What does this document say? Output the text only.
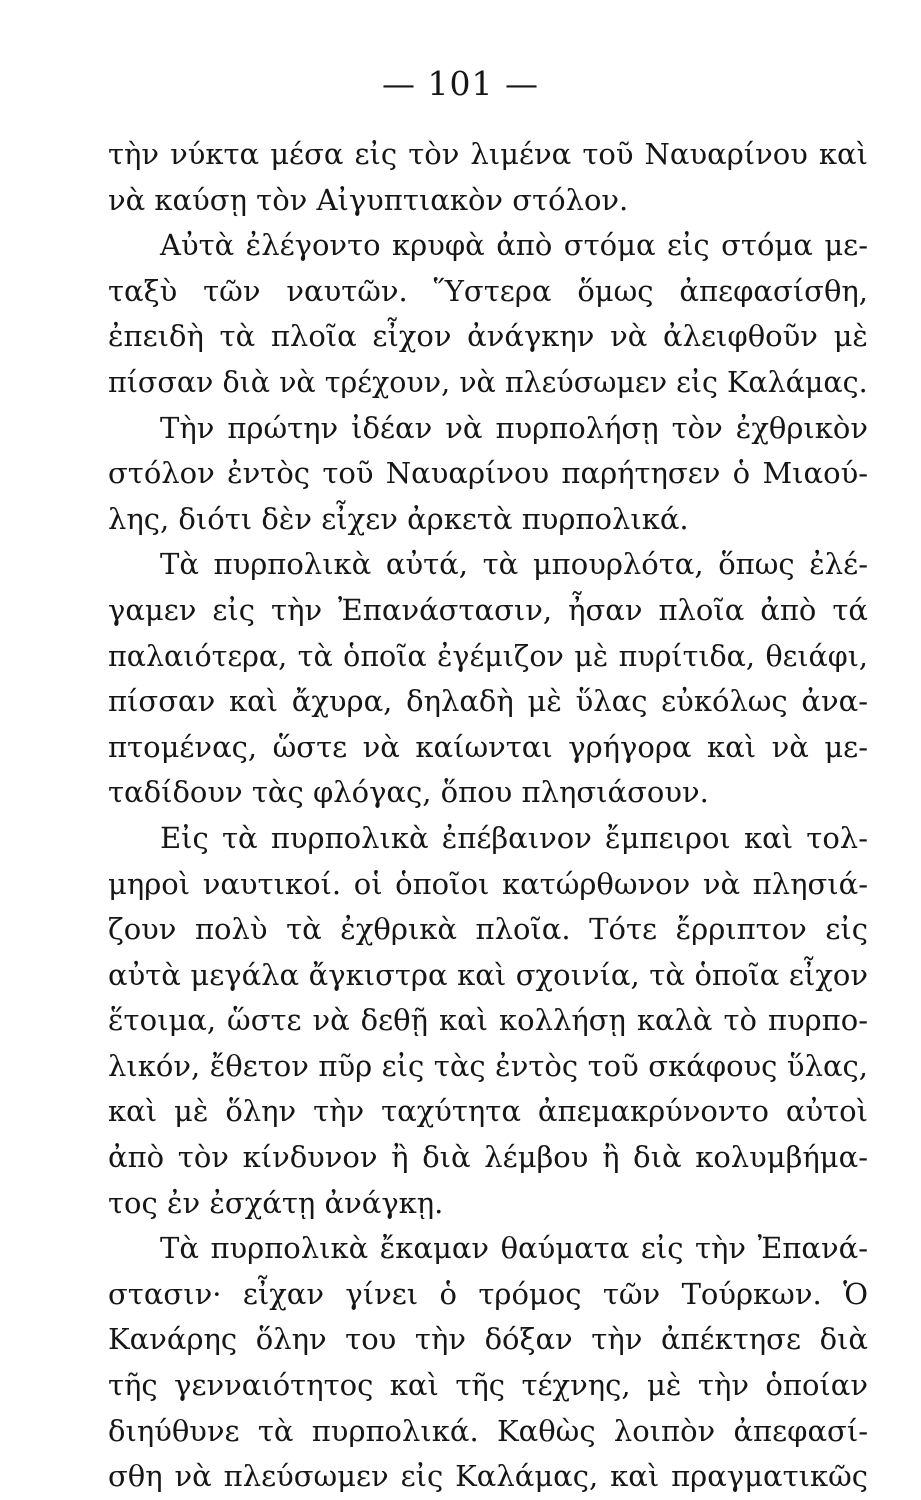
— 101 —
τὴν νύκτα μέσα εἰς τὸν λιμένα τοῦ Ναυαρίνου καὶ
νὰ καύσῃ τὸν Αἰγυπτιακὸν στόλον.
Αὐτὰ ἐλέγοντο κρυφὰ ἀπὸ στόμα εἰς στόμα με-
ταξὺ τῶν ναυτῶν. Ὕστερα ὅμως ἀπεφασίσθη,
ἐπειδὴ τὰ πλοῖα εἶχον ἀνάγκην νὰ ἀλειφθοῦν μὲ
πίσσαν διὰ νὰ τρέχουν, νὰ πλεύσωμεν εἰς Καλάμας.
Τὴν πρώτην ἰδέαν νὰ πυρπολήσῃ τὸν ἐχθρικὸν
στόλον ἐντὸς τοῦ Ναυαρίνου παρήτησεν ὁ Μιαού-
λης, διότι δὲν εἶχεν ἀρκετὰ πυρπολικά.
Τὰ πυρπολικὰ αὐτά, τὰ μπουρλότα, ὅπως ἐλέ-
γαμεν εἰς τὴν Ἐπανάστασιν, ἦσαν πλοῖα ἀπὸ τά
παλαιότερα, τὰ ὁποῖα ἐγέμιζον μὲ πυρίτιδα, θειάφι,
πίσσαν καὶ ἄχυρα, δηλαδὴ μὲ ὕλας εὐκόλως ἀνα-
πτομένας, ὥστε νὰ καίωνται γρήγορα καὶ νὰ με-
ταδίδουν τὰς φλόγας, ὅπου πλησιάσουν.
Εἰς τὰ πυρπολικὰ ἐπέβαινον ἔμπειροι καὶ τολ-
μηροὶ ναυτικοί. οἱ ὁποῖοι κατώρθωνον νὰ πλησιά-
ζουν πολὺ τὰ ἐχθρικὰ πλοῖα. Τότε ἔρριπτον εἰς
αὐτὰ μεγάλα ἄγκιστρα καὶ σχοινία, τὰ ὁποῖα εἶχον
ἕτοιμα, ὥστε νὰ δεθῇ καὶ κολλήσῃ καλὰ τὸ πυρπο-
λικόν, ἔθετον πῦρ εἰς τὰς ἐντὸς τοῦ σκάφους ὕλας,
καὶ μὲ ὅλην τὴν ταχύτητα ἀπεμακρύνοντο αὐτοὶ
ἀπὸ τὸν κίνδυνον ἢ διὰ λέμβου ἢ διὰ κολυμβήμα-
τος ἐν ἐσχάτῃ ἀνάγκῃ.
Τὰ πυρπολικὰ ἔκαμαν θαύματα εἰς τὴν Ἐπανά-
στασιν· εἶχαν γίνει ὁ τρόμος τῶν Τούρκων. Ὁ
Κανάρης ὅλην του τὴν δόξαν τὴν ἀπέκτησε διὰ
τῆς γενναιότητος καὶ τῆς τέχνης, μὲ τὴν ὁποίαν
διηύθυνε τὰ πυρπολικά. Καθὼς λοιπὸν ἀπεφασί-
σθη νὰ πλεύσωμεν εἰς Καλάμας, καὶ πραγματικῶς
